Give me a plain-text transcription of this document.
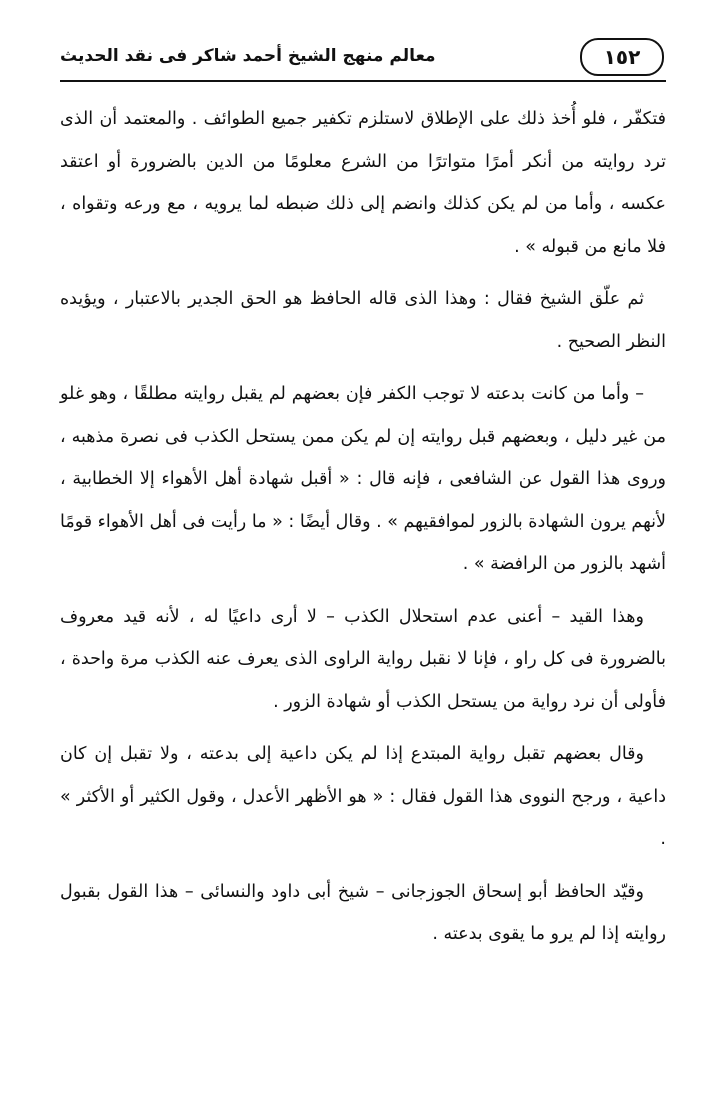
١٥٢
معالم منهج الشيخ أحمد شاكر فى نقد الحديث

فتكفّر ، فلو أُخذ ذلك على الإطلاق لاستلزم تكفير جميع الطوائف . والمعتمد أن الذى ترد روايته من أنكر أمرًا متواترًا من الشرع معلومًا من الدين بالضرورة أو اعتقد عكسه ، وأما من لم يكن كذلك وانضم إلى ذلك ضبطه لما يرويه ، مع ورعه وتقواه ، فلا مانع من قبوله » .

ثم علّق الشيخ فقال : وهذا الذى قاله الحافظ هو الحق الجدير بالاعتبار ، ويؤيده النظر الصحيح .

– وأما من كانت بدعته لا توجب الكفر فإن بعضهم لم يقبل روايته مطلقًا ، وهو غلو من غير دليل ، وبعضهم قبل روايته إن لم يكن ممن يستحل الكذب فى نصرة مذهبه ، وروى هذا القول عن الشافعى ، فإنه قال : « أقبل شهادة أهل الأهواء إلا الخطابية ، لأنهم يرون الشهادة بالزور لموافقيهم » . وقال أيضًا : « ما رأيت فى أهل الأهواء قومًا أشهد بالزور من الرافضة » .

وهذا القيد – أعنى عدم استحلال الكذب – لا أرى داعيًا له ، لأنه قيد معروف بالضرورة فى كل راو ، فإنا لا نقبل رواية الراوى الذى يعرف عنه الكذب مرة واحدة ، فأولى أن نرد رواية من يستحل الكذب أو شهادة الزور .

وقال بعضهم تقبل رواية المبتدع إذا لم يكن داعية إلى بدعته ، ولا تقبل إن كان داعية ، ورجح النووى هذا القول فقال : « هو الأظهر الأعدل ، وقول الكثير أو الأكثر » .

وقيّد الحافظ أبو إسحاق الجوزجانى – شيخ أبى داود والنسائى – هذا القول بقبول روايته إذا لم يرو ما يقوى بدعته .
